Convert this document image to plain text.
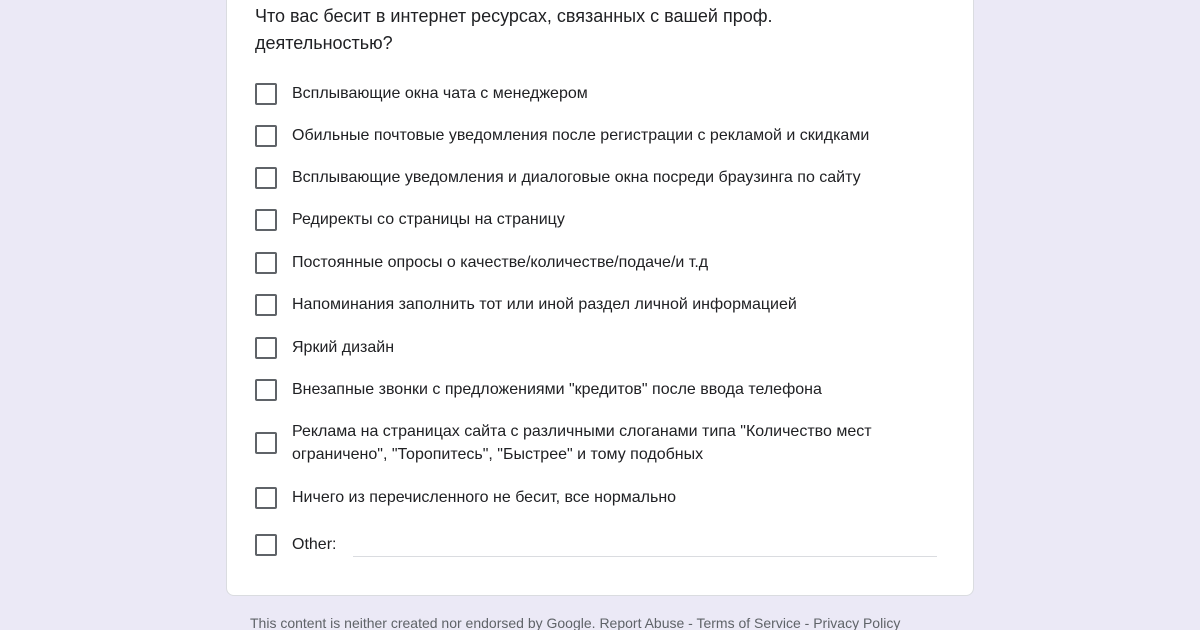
Что вас бесит в интернет ресурсах, связанных с вашей проф. деятельностью?
Всплывающие окна чата с менеджером
Обильные почтовые уведомления после регистрации с рекламой и скидками
Всплывающие уведомления и диалоговые окна посреди браузинга по сайту
Редиректы со страницы на страницу
Постоянные опросы о качестве/количестве/подаче/и т.д
Напоминания заполнить тот или иной раздел личной информацией
Яркий дизайн
Внезапные звонки с предложениями "кредитов" после ввода телефона
Реклама на страницах сайта с различными слоганами типа "Количество мест ограничено", "Торопитесь", "Быстрее" и тому подобных
Ничего из перечисленного не бесит, все нормально
Other:
This content is neither created nor endorsed by Google. Report Abuse - Terms of Service - Privacy Policy
